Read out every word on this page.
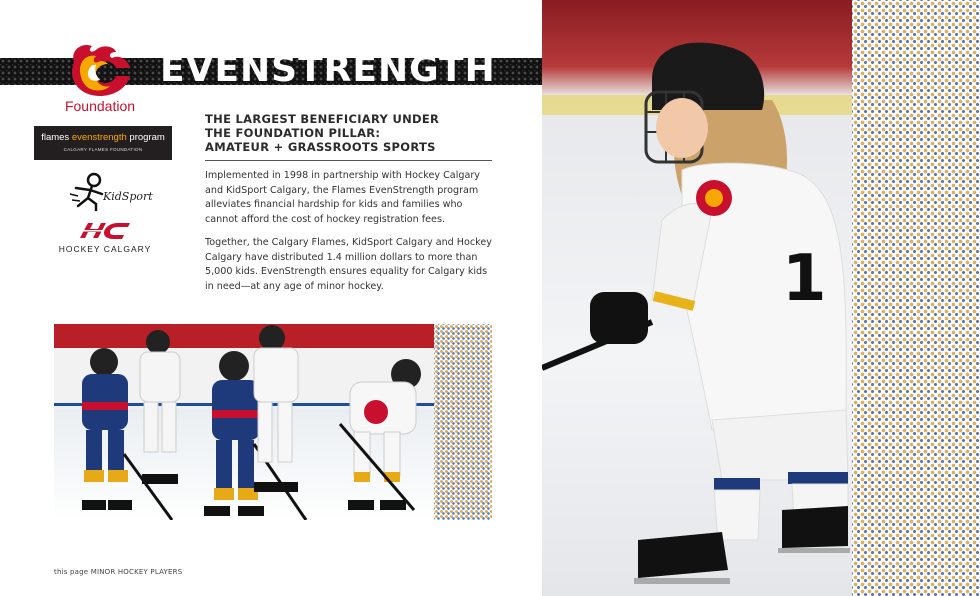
EVENSTRENGTH
Foundation
flames evenstrength program
CALGARY FLAMES FOUNDATION
KidSport
HOCKEY CALGARY
THE LARGEST BENEFICIARY UNDER
THE FOUNDATION PILLAR:
AMATEUR + GRASSROOTS SPORTS
Implemented in 1998 in partnership with Hockey Calgary and KidSport Calgary, the Flames EvenStrength program alleviates financial hardship for kids and families who cannot afford the cost of hockey registration fees.
Together, the Calgary Flames, KidSport Calgary and Hockey Calgary have distributed 1.4 million dollars to more than 5,000 kids. EvenStrength ensures equality for Calgary kids in need—at any age of minor hockey.	1
this page MINOR HOCKEY PLAYERS
